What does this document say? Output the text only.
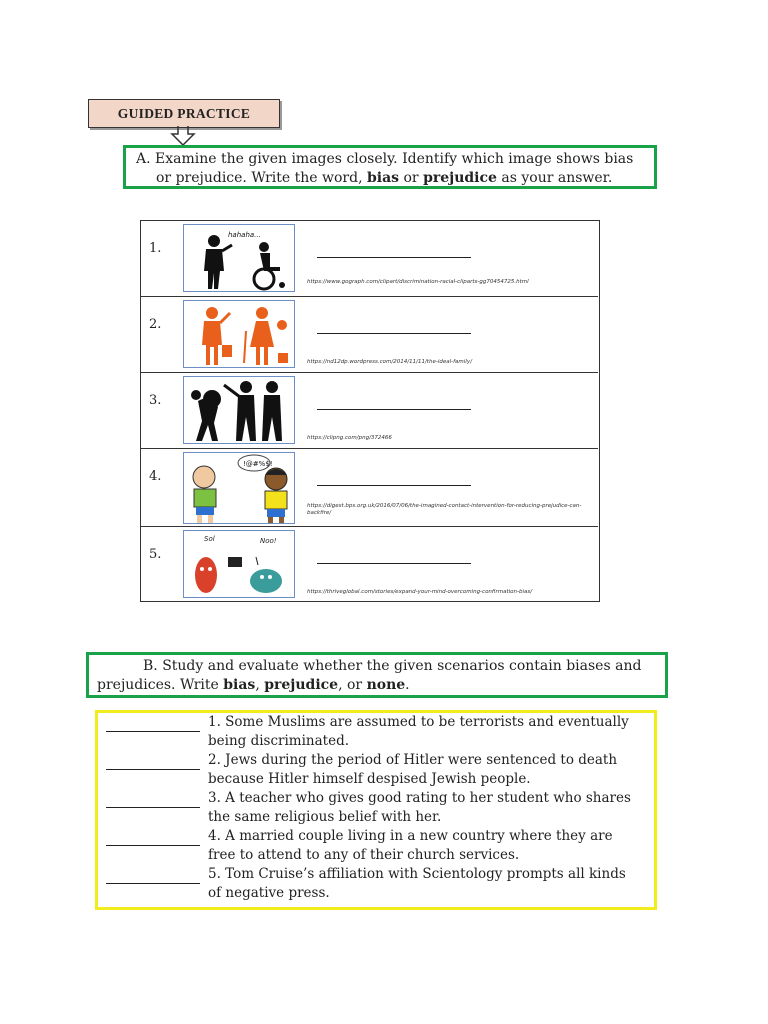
GUIDED PRACTICE
A. Examine the given images closely. Identify which image shows bias
or prejudice. Write the word, bias or prejudice as your answer.
1.
hahaha...
https://www.gograph.com/clipart/discrimination-racial-cliparts-gg70454725.html
2.
https://nd12dp.wordpress.com/2014/11/11/the-ideal-family/
3.
https://clipng.com/png/372466
4.
!@#%$!
https://digest.bps.org.uk/2016/07/06/the-imagined-contact-intervention-for-reducing-prejudice-can-backfire/
5.
Sol	Noo!
https://thriveglobal.com/stories/expand-your-mind-overcoming-confirmation-bias/
B. Study and evaluate whether the given scenarios contain biases and
prejudices. Write bias, prejudice, or none.
1. Some Muslims are assumed to be terrorists and eventually
being discriminated.
2. Jews during the period of Hitler were sentenced to death
because Hitler himself despised Jewish people.
3. A teacher who gives good rating to her student who shares
the same religious belief with her.
4. A married couple living in a new country where they are
free to attend to any of their church services.
5. Tom Cruise’s affiliation with Scientology prompts all kinds
of negative press.
